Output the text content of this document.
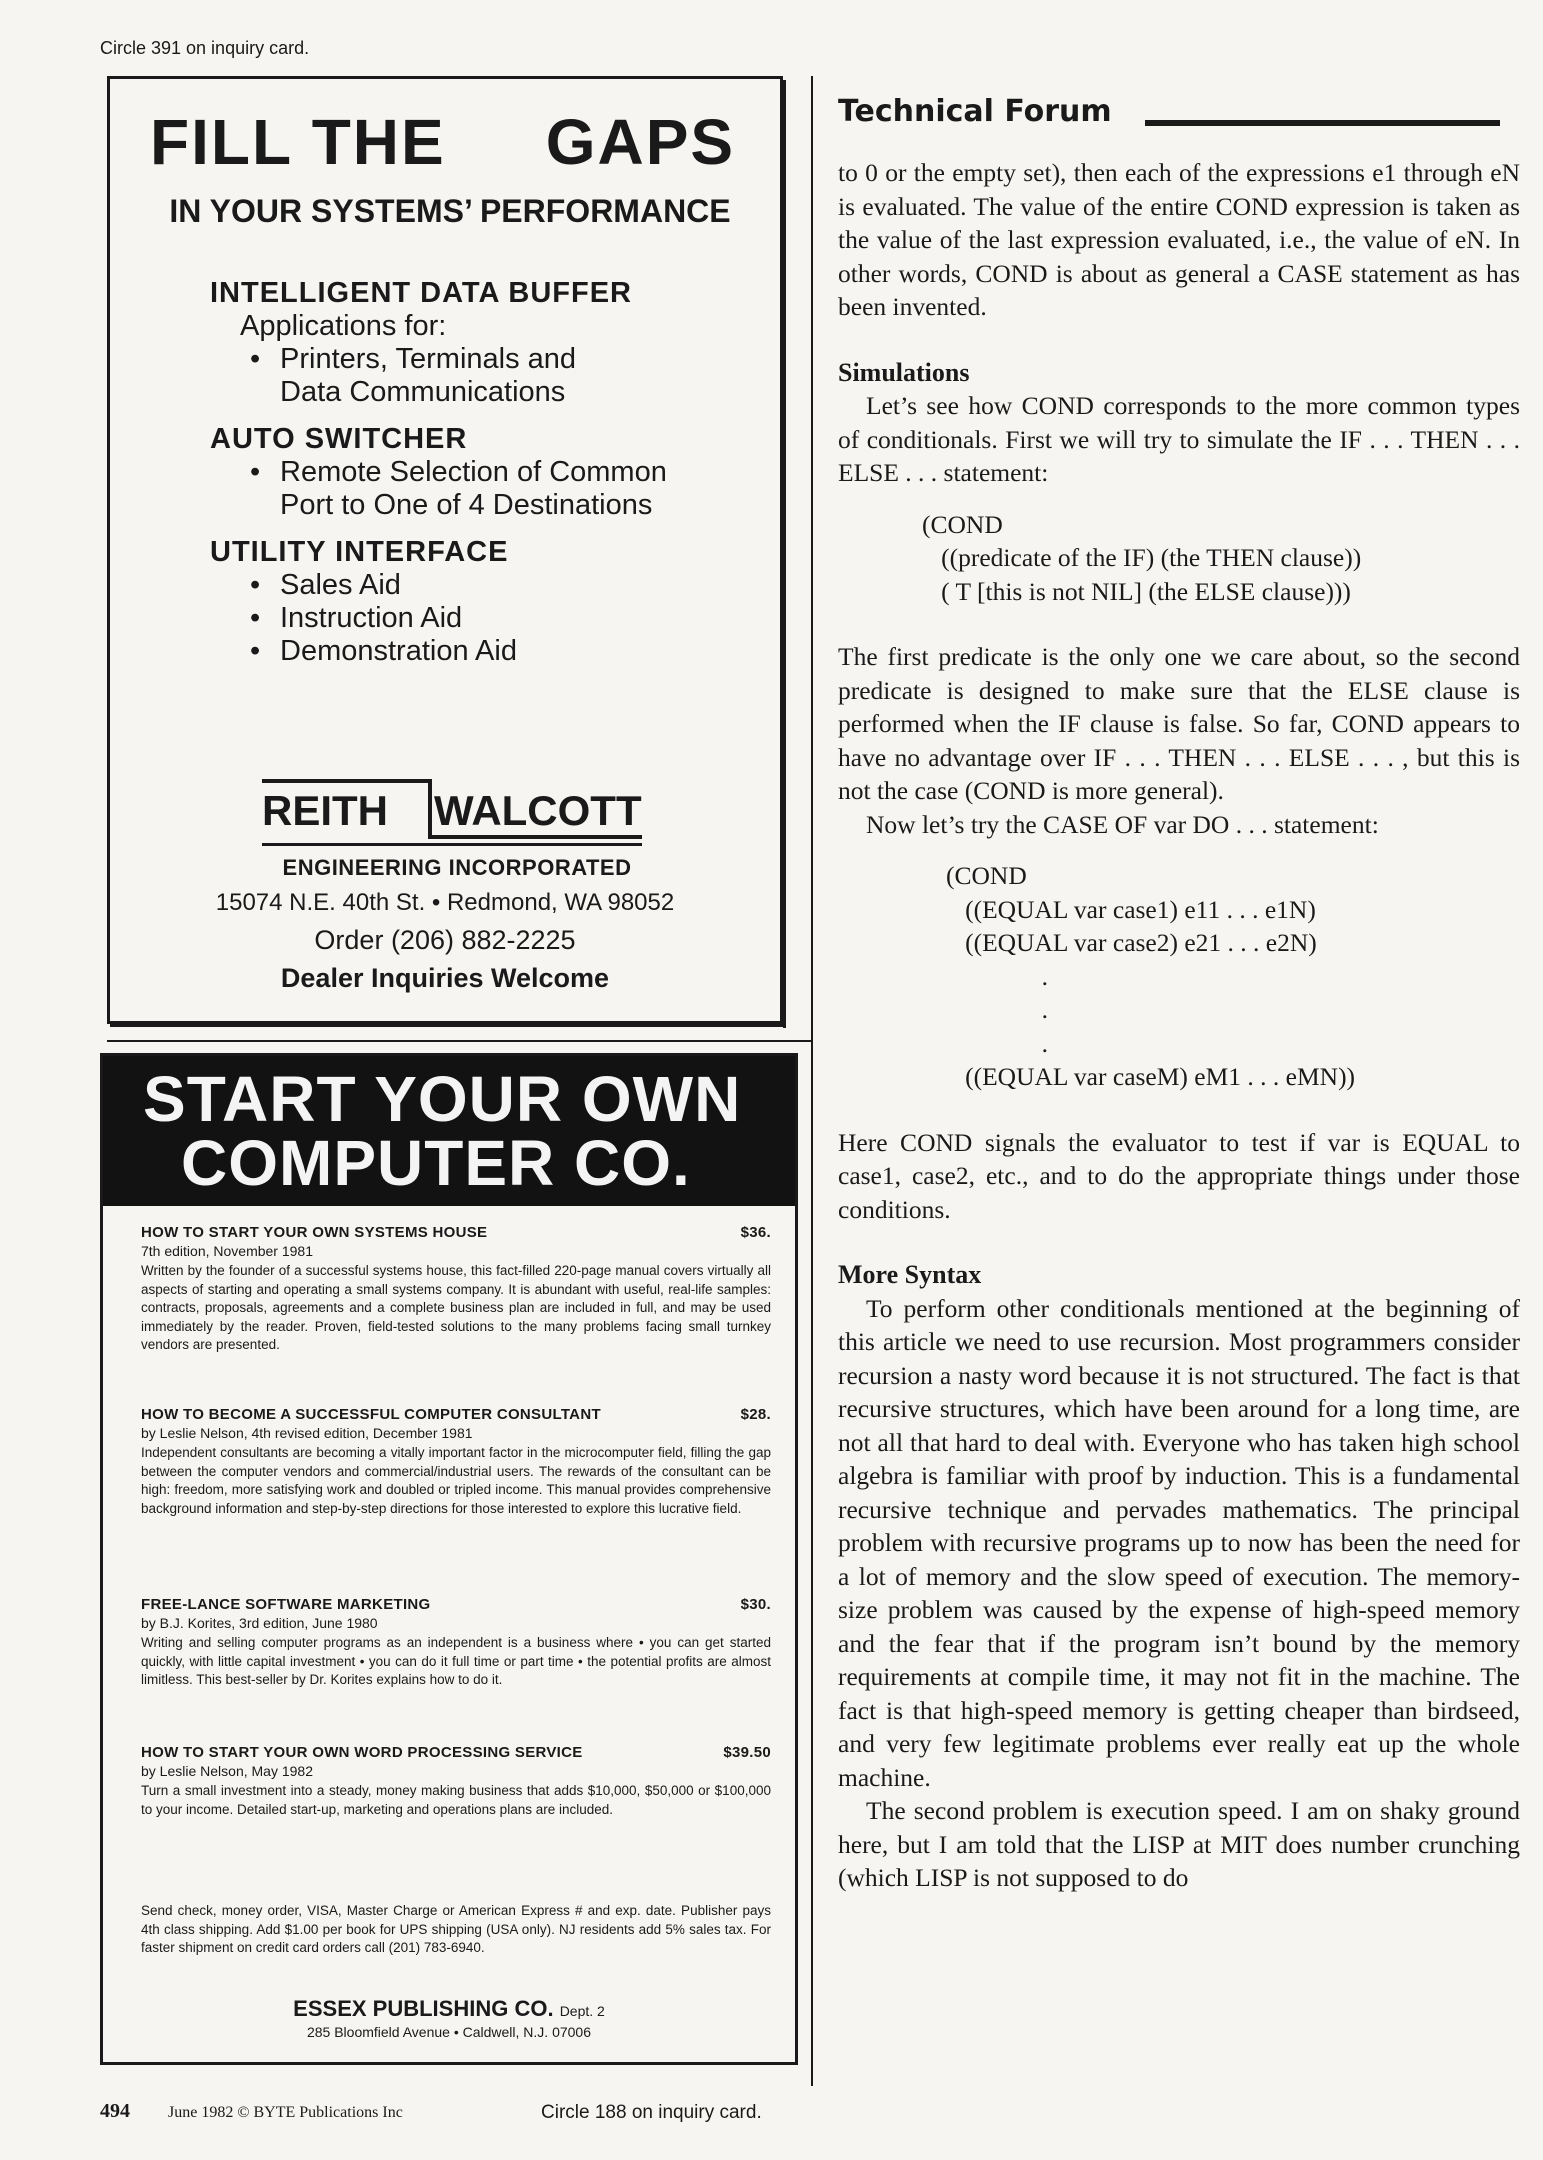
Circle 391 on inquiry card.
FILL THE GAPS
IN YOUR SYSTEMS’ PERFORMANCE
INTELLIGENT DATA BUFFER
Applications for:
• Printers, Terminals and
Data Communications
AUTO SWITCHER
• Remote Selection of Common
Port to One of 4 Destinations
UTILITY INTERFACE
• Sales Aid
• Instruction Aid
• Demonstration Aid
REITH WALCOTT
ENGINEERING INCORPORATED
15074 N.E. 40th St. • Redmond, WA 98052
Order (206) 882-2225
Dealer Inquiries Welcome
START YOUR OWN
COMPUTER CO.
HOW TO START YOUR OWN SYSTEMS HOUSE	$36.
7th edition, November 1981
Written by the founder of a successful systems house, this fact-filled 220-page manual covers virtually all aspects of starting and operating a small systems company. It is abundant with useful, real-life samples: contracts, proposals, agreements and a complete business plan are included in full, and may be used immediately by the reader. Proven, field-tested solutions to the many problems facing small turnkey vendors are presented.
HOW TO BECOME A SUCCESSFUL COMPUTER CONSULTANT	$28.
by Leslie Nelson, 4th revised edition, December 1981
Independent consultants are becoming a vitally important factor in the microcomputer field, filling the gap between the computer vendors and commercial/industrial users. The rewards of the consultant can be high: freedom, more satisfying work and doubled or tripled income. This manual provides comprehensive background information and step-by-step directions for those interested to explore this lucrative field.
FREE-LANCE SOFTWARE MARKETING	$30.
by B.J. Korites, 3rd edition, June 1980
Writing and selling computer programs as an independent is a business where • you can get started quickly, with little capital investment • you can do it full time or part time • the potential profits are almost limitless. This best-seller by Dr. Korites explains how to do it.
HOW TO START YOUR OWN WORD PROCESSING SERVICE	$39.50
by Leslie Nelson, May 1982
Turn a small investment into a steady, money making business that adds $10,000, $50,000 or $100,000 to your income. Detailed start-up, marketing and operations plans are included.
Send check, money order, VISA, Master Charge or American Express # and exp. date. Publisher pays 4th class shipping. Add $1.00 per book for UPS shipping (USA only). NJ residents add 5% sales tax. For faster shipment on credit card orders call (201) 783-6940.
ESSEX PUBLISHING CO. Dept. 2
285 Bloomfield Avenue • Caldwell, N.J. 07006
494 June 1982 © BYTE Publications Inc	Circle 188 on inquiry card.
Technical Forum

to 0 or the empty set), then each of the expressions e1 through eN is evaluated. The value of the entire COND expression is taken as the value of the last expression evaluated, i.e., the value of eN. In other words, COND is about as general a CASE statement as has been invented.

Simulations

Let’s see how COND corresponds to the more common types of conditionals. First we will try to simulate the IF . . . THEN . . . ELSE . . . statement:

(COND
((predicate of the IF) (the THEN clause))
( T [this is not NIL] (the ELSE clause)))

The first predicate is the only one we care about, so the second predicate is designed to make sure that the ELSE clause is performed when the IF clause is false. So far, COND appears to have no advantage over IF . . . THEN . . . ELSE . . . , but this is not the case (COND is more general).

Now let’s try the CASE OF var DO . . . statement:

(COND
((EQUAL var case1) e11 . . . e1N)
((EQUAL var case2) e21 . . . e2N)
.
.
.
((EQUAL var caseM) eM1 . . . eMN))

Here COND signals the evaluator to test if var is EQUAL to case1, case2, etc., and to do the appropriate things under those conditions.

More Syntax

To perform other conditionals mentioned at the beginning of this article we need to use recursion. Most programmers consider recursion a nasty word because it is not structured. The fact is that recursive structures, which have been around for a long time, are not all that hard to deal with. Everyone who has taken high school algebra is familiar with proof by induction. This is a fundamental recursive technique and pervades mathematics. The principal problem with recursive programs up to now has been the need for a lot of memory and the slow speed of execution. The memory-size problem was caused by the expense of high-speed memory and the fear that if the program isn’t bound by the memory requirements at compile time, it may not fit in the machine. The fact is that high-speed memory is getting cheaper than birdseed, and very few legitimate problems ever really eat up the whole machine.

The second problem is execution speed. I am on shaky ground here, but I am told that the LISP at MIT does number crunching (which LISP is not supposed to do
